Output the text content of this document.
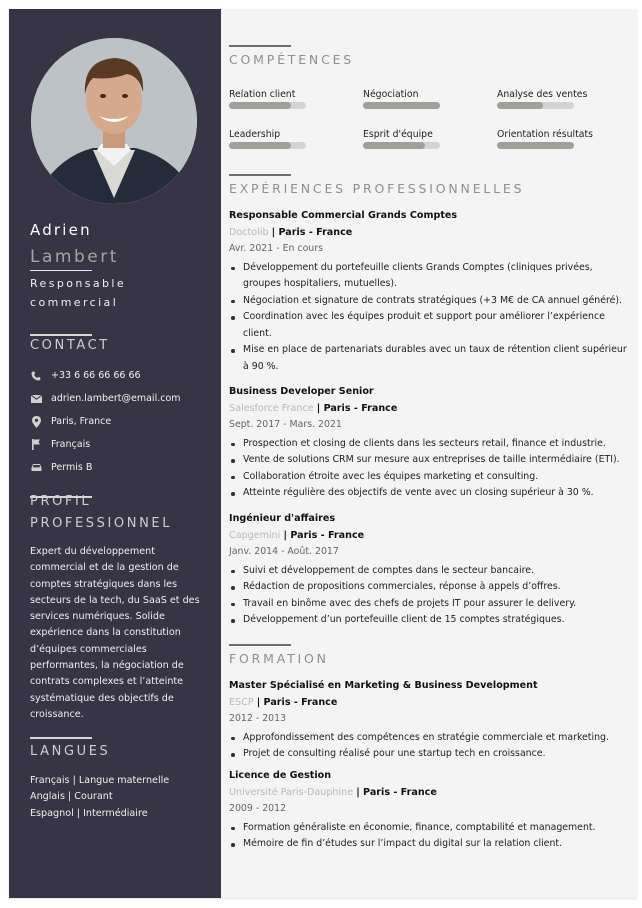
Adrien
Lambert
Responsable commercial
CONTACT
+33 6 66 66 66 66
adrien.lambert@email.com
Paris, France
Français
Permis B
PROFIL
PROFESSIONNEL
Expert du développement commercial et de la gestion de comptes stratégiques dans les secteurs de la tech, du SaaS et des services numériques. Solide expérience dans la constitution d’équipes commerciales performantes, la négociation de contrats complexes et l’atteinte systématique des objectifs de croissance.
LANGUES
Français | Langue maternelle
Anglais | Courant
Espagnol | Intermédiaire
COMPÉTENCES
Relation client	Négociation	Analyse des ventes
Leadership	Esprit d'équipe	Orientation résultats
EXPÉRIENCES PROFESSIONNELLES
Responsable Commercial Grands Comptes
Doctolib | Paris - France
Avr. 2021 - En cours
Développement du portefeuille clients Grands Comptes (cliniques privées, groupes hospitaliers, mutuelles).
Négociation et signature de contrats stratégiques (+3 M€ de CA annuel généré).
Coordination avec les équipes produit et support pour améliorer l’expérience client.
Mise en place de partenariats durables avec un taux de rétention client supérieur à 90 %.
Business Developer Senior
Salesforce France | Paris - France
Sept. 2017 - Mars. 2021
Prospection et closing de clients dans les secteurs retail, finance et industrie.
Vente de solutions CRM sur mesure aux entreprises de taille intermédiaire (ETI).
Collaboration étroite avec les équipes marketing et consulting.
Atteinte régulière des objectifs de vente avec un closing supérieur à 30 %.
Ingénieur d'affaires
Capgemini | Paris - France
Janv. 2014 - Août. 2017
Suivi et développement de comptes dans le secteur bancaire.
Rédaction de propositions commerciales, réponse à appels d’offres.
Travail en binôme avec des chefs de projets IT pour assurer le delivery.
Développement d’un portefeuille client de 15 comptes stratégiques.
FORMATION
Master Spécialisé en Marketing & Business Development
ESCP | Paris - France
2012 - 2013
Approfondissement des compétences en stratégie commerciale et marketing.
Projet de consulting réalisé pour une startup tech en croissance.
Licence de Gestion
Université Paris-Dauphine | Paris - France
2009 - 2012
Formation généraliste en économie, finance, comptabilité et management.
Mémoire de fin d’études sur l’impact du digital sur la relation client.
